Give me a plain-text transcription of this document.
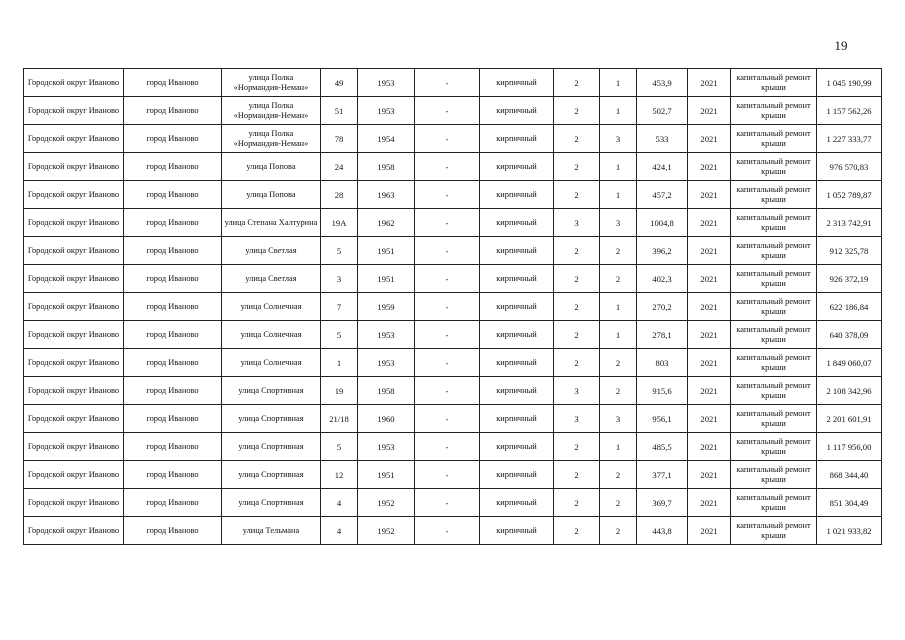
19
Городской округ Иваново	город Иваново	улица Полка «Нормандия-Неман»	49	1953	-	кирпичный	2	1	453,9	2021	капитальный ремонт крыши	1 045 190,99
Городской округ Иваново	город Иваново	улица Полка «Нормандия-Неман»	51	1953	-	кирпичный	2	1	502,7	2021	капитальный ремонт крыши	1 157 562,26
Городской округ Иваново	город Иваново	улица Полка «Нормандия-Неман»	78	1954	-	кирпичный	2	3	533	2021	капитальный ремонт крыши	1 227 333,77
Городской округ Иваново	город Иваново	улица Попова	24	1958	-	кирпичный	2	1	424,1	2021	капитальный ремонт крыши	976 570,83
Городской округ Иваново	город Иваново	улица Попова	28	1963	-	кирпичный	2	1	457,2	2021	капитальный ремонт крыши	1 052 789,87
Городской округ Иваново	город Иваново	улица Степана Халтурина	19А	1962	-	кирпичный	3	3	1004,8	2021	капитальный ремонт крыши	2 313 742,91
Городской округ Иваново	город Иваново	улица Светлая	5	1951	-	кирпичный	2	2	396,2	2021	капитальный ремонт крыши	912 325,78
Городской округ Иваново	город Иваново	улица Светлая	3	1951	-	кирпичный	2	2	402,3	2021	капитальный ремонт крыши	926 372,19
Городской округ Иваново	город Иваново	улица Солнечная	7	1959	-	кирпичный	2	1	270,2	2021	капитальный ремонт крыши	622 186,84
Городской округ Иваново	город Иваново	улица Солнечная	5	1953	-	кирпичный	2	1	278,1	2021	капитальный ремонт крыши	640 378,09
Городской округ Иваново	город Иваново	улица Солнечная	1	1953	-	кирпичный	2	2	803	2021	капитальный ремонт крыши	1 849 060,07
Городской округ Иваново	город Иваново	улица Спортивная	19	1958	-	кирпичный	3	2	915,6	2021	капитальный ремонт крыши	2 108 342,96
Городской округ Иваново	город Иваново	улица Спортивная	21/18	1960	-	кирпичный	3	3	956,1	2021	капитальный ремонт крыши	2 201 601,91
Городской округ Иваново	город Иваново	улица Спортивная	5	1953	-	кирпичный	2	1	485,5	2021	капитальный ремонт крыши	1 117 956,00
Городской округ Иваново	город Иваново	улица Спортивная	12	1951	-	кирпичный	2	2	377,1	2021	капитальный ремонт крыши	868 344,40
Городской округ Иваново	город Иваново	улица Спортивная	4	1952	-	кирпичный	2	2	369,7	2021	капитальный ремонт крыши	851 304,49
Городской округ Иваново	город Иваново	улица Тельмана	4	1952	-	кирпичный	2	2	443,8	2021	капитальный ремонт крыши	1 021 933,82
